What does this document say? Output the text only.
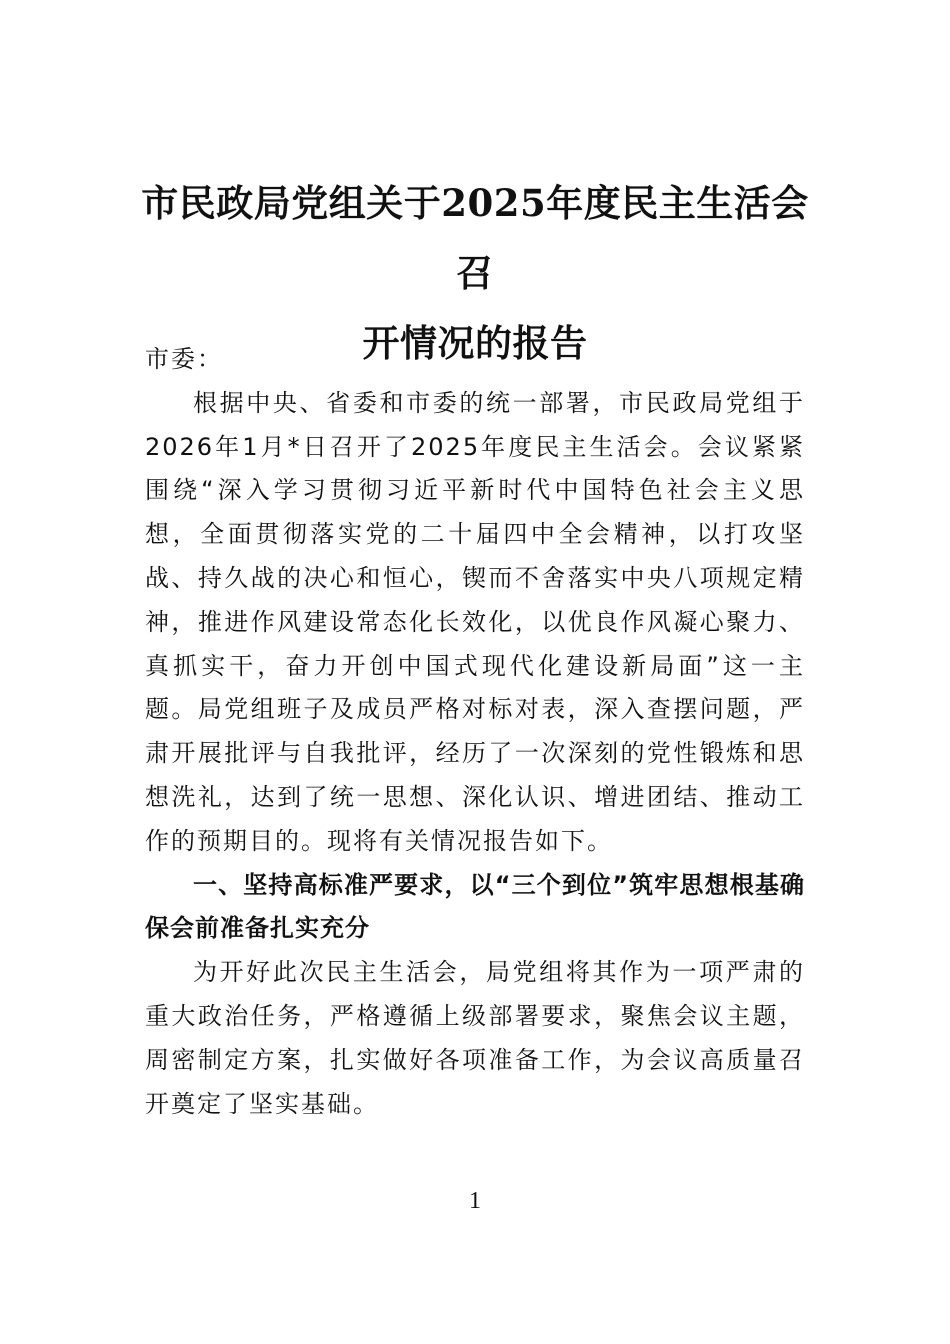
市民政局党组关于2025年度民主生活会召
开情况的报告

市委：

根据中央、省委和市委的统一部署，市民政局党组于2026年1月*日召开了2025年度民主生活会。会议紧紧围绕“深入学习贯彻习近平新时代中国特色社会主义思想，全面贯彻落实党的二十届四中全会精神，以打攻坚战、持久战的决心和恒心，锲而不舍落实中央八项规定精神，推进作风建设常态化长效化，以优良作风凝心聚力、真抓实干，奋力开创中国式现代化建设新局面”这一主题。局党组班子及成员严格对标对表，深入查摆问题，严肃开展批评与自我批评，经历了一次深刻的党性锻炼和思想洗礼，达到了统一思想、深化认识、增进团结、推动工作的预期目的。现将有关情况报告如下。

一、坚持高标准严要求，以“三个到位”筑牢思想根基确保会前准备扎实充分

为开好此次民主生活会，局党组将其作为一项严肃的重大政治任务，严格遵循上级部署要求，聚焦会议主题，周密制定方案，扎实做好各项准备工作，为会议高质量召开奠定了坚实基础。

1
